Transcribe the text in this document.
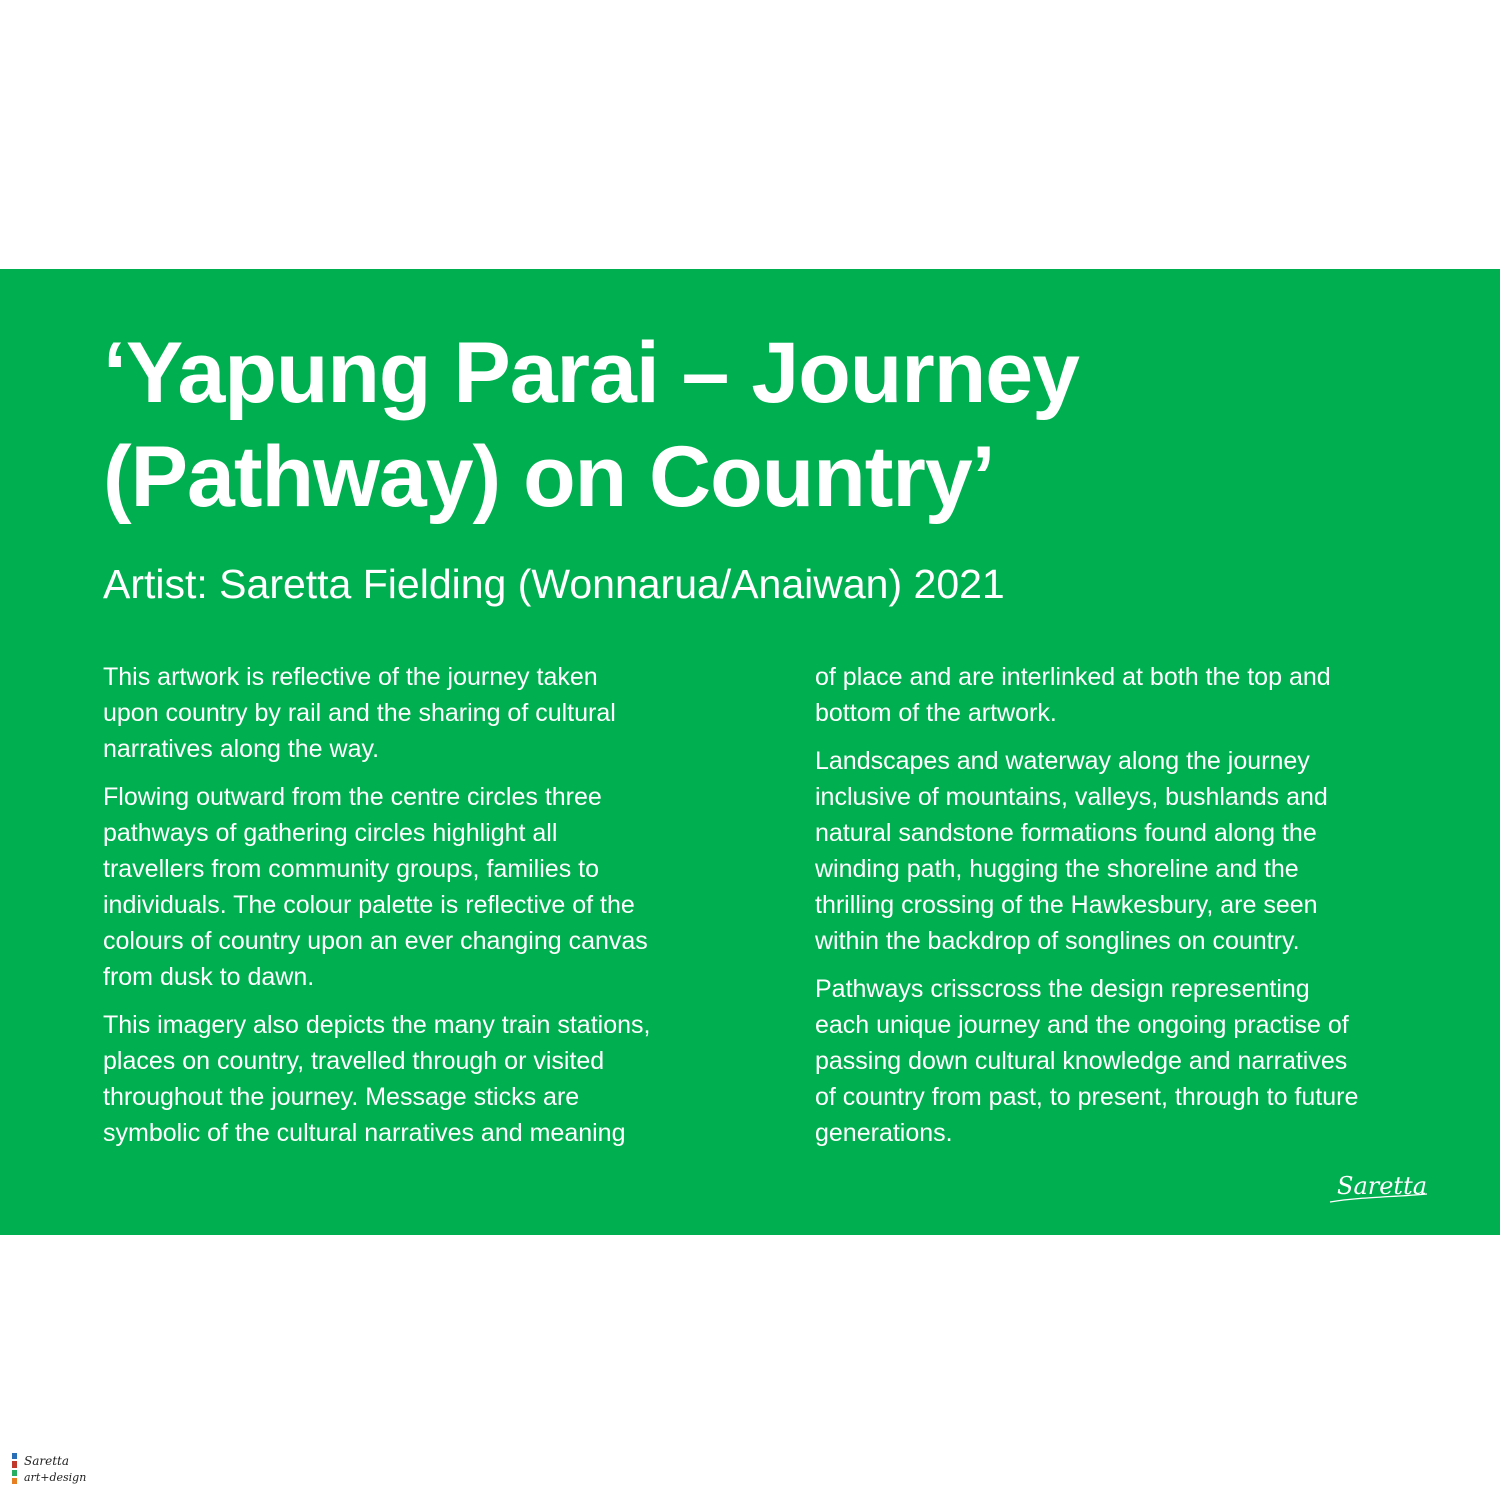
‘Yapung Parai – Journey
(Pathway) on Country’
Artist: Saretta Fielding (Wonnarua/Anaiwan) 2021

This artwork is reflective of the journey taken
upon country by rail and the sharing of cultural
narratives along the way.

Flowing outward from the centre circles three
pathways of gathering circles highlight all
travellers from community groups, families to
individuals. The colour palette is reflective of the
colours of country upon an ever changing canvas
from dusk to dawn.

This imagery also depicts the many train stations,
places on country, travelled through or visited
throughout the journey. Message sticks are
symbolic of the cultural narratives and meaning

of place and are interlinked at both the top and
bottom of the artwork.

Landscapes and waterway along the journey
inclusive of mountains, valleys, bushlands and
natural sandstone formations found along the
winding path, hugging the shoreline and the
thrilling crossing of the Hawkesbury, are seen
within the backdrop of songlines on country.

Pathways crisscross the design representing
each unique journey and the ongoing practise of
passing down cultural knowledge and narratives
of country from past, to present, through to future
generations.

Saretta
Saretta
art+design
